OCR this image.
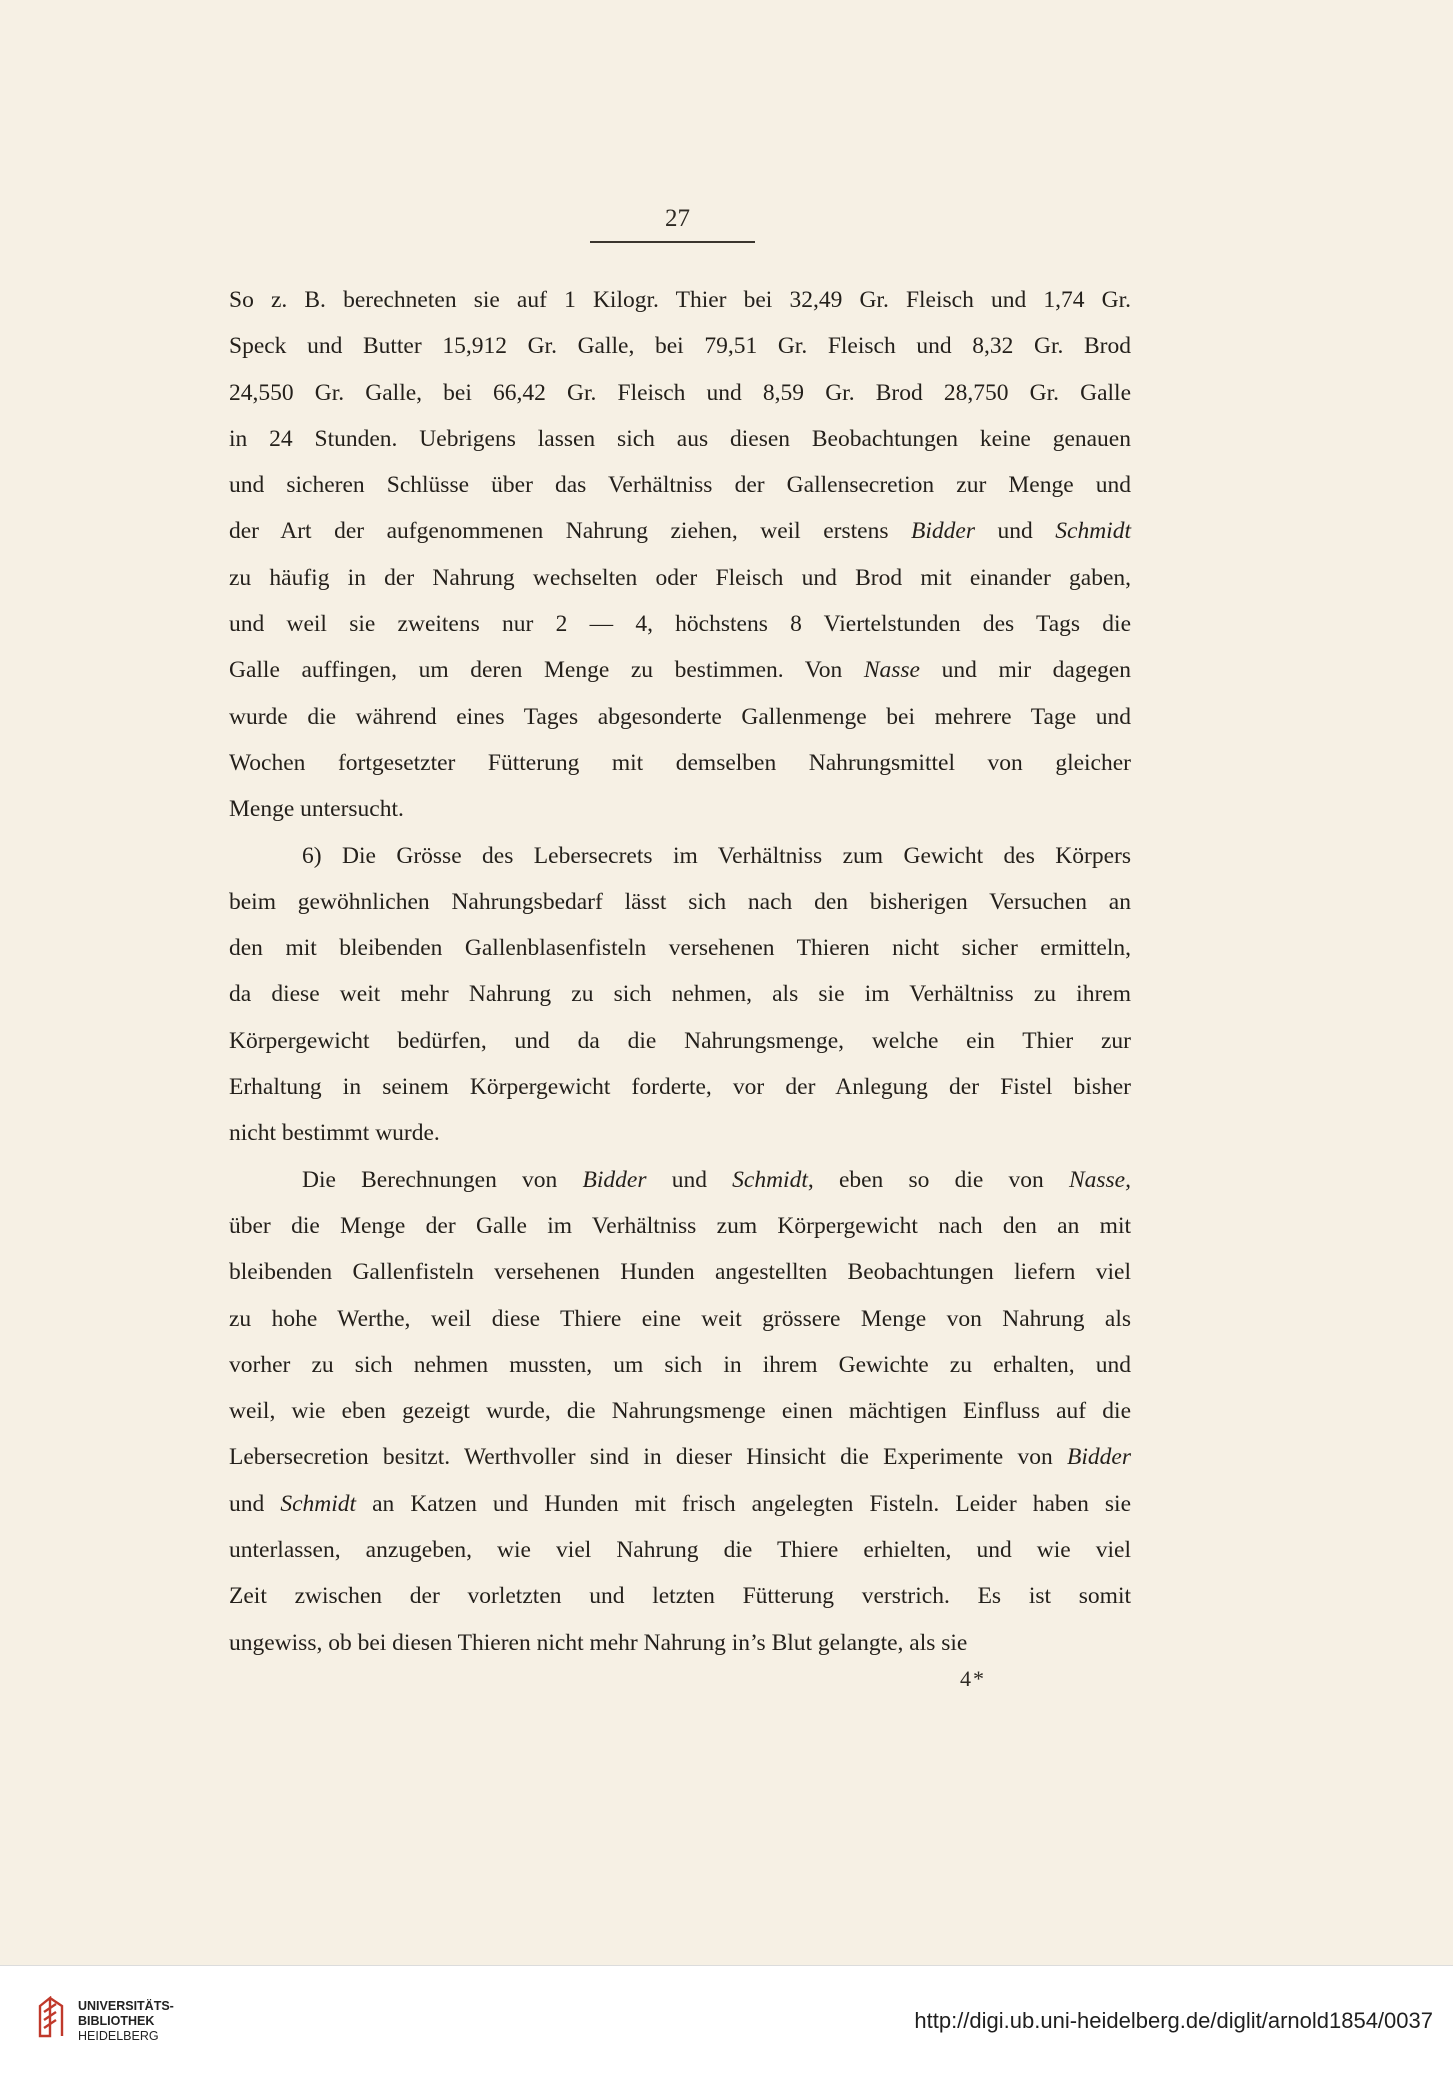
27
So z. B. berechneten sie auf 1 Kilogr. Thier bei 32,49 Gr. Fleisch und 1,74 Gr.
Speck und Butter 15,912 Gr. Galle, bei 79,51 Gr. Fleisch und 8,32 Gr. Brod
24,550 Gr. Galle, bei 66,42 Gr. Fleisch und 8,59 Gr. Brod 28,750 Gr. Galle
in 24 Stunden. Uebrigens lassen sich aus diesen Beobachtungen keine genauen
und sicheren Schlüsse über das Verhältniss der Gallensecretion zur Menge und
der Art der aufgenommenen Nahrung ziehen, weil erstens Bidder und Schmidt
zu häufig in der Nahrung wechselten oder Fleisch und Brod mit einander gaben,
und weil sie zweitens nur 2 — 4, höchstens 8 Viertelstunden des Tags die
Galle auffingen, um deren Menge zu bestimmen. Von Nasse und mir dagegen
wurde die während eines Tages abgesonderte Gallenmenge bei mehrere Tage und
Wochen fortgesetzter Fütterung mit demselben Nahrungsmittel von gleicher
Menge untersucht.
6) Die Grösse des Lebersecrets im Verhältniss zum Gewicht des Körpers
beim gewöhnlichen Nahrungsbedarf lässt sich nach den bisherigen Versuchen an
den mit bleibenden Gallenblasenfisteln versehenen Thieren nicht sicher ermitteln,
da diese weit mehr Nahrung zu sich nehmen, als sie im Verhältniss zu ihrem
Körpergewicht bedürfen, und da die Nahrungsmenge, welche ein Thier zur
Erhaltung in seinem Körpergewicht forderte, vor der Anlegung der Fistel bisher
nicht bestimmt wurde.
Die Berechnungen von Bidder und Schmidt, eben so die von Nasse,
über die Menge der Galle im Verhältniss zum Körpergewicht nach den an mit
bleibenden Gallenfisteln versehenen Hunden angestellten Beobachtungen liefern viel
zu hohe Werthe, weil diese Thiere eine weit grössere Menge von Nahrung als
vorher zu sich nehmen mussten, um sich in ihrem Gewichte zu erhalten, und
weil, wie eben gezeigt wurde, die Nahrungsmenge einen mächtigen Einfluss auf die
Lebersecretion besitzt. Werthvoller sind in dieser Hinsicht die Experimente von Bidder
und Schmidt an Katzen und Hunden mit frisch angelegten Fisteln. Leider haben sie
unterlassen, anzugeben, wie viel Nahrung die Thiere erhielten, und wie viel
Zeit zwischen der vorletzten und letzten Fütterung verstrich. Es ist somit
ungewiss, ob bei diesen Thieren nicht mehr Nahrung in’s Blut gelangte, als sie
4*
UNIVERSITÄTS-
BIBLIOTHEK
HEIDELBERG
http://digi.ub.uni-heidelberg.de/diglit/arnold1854/0037
